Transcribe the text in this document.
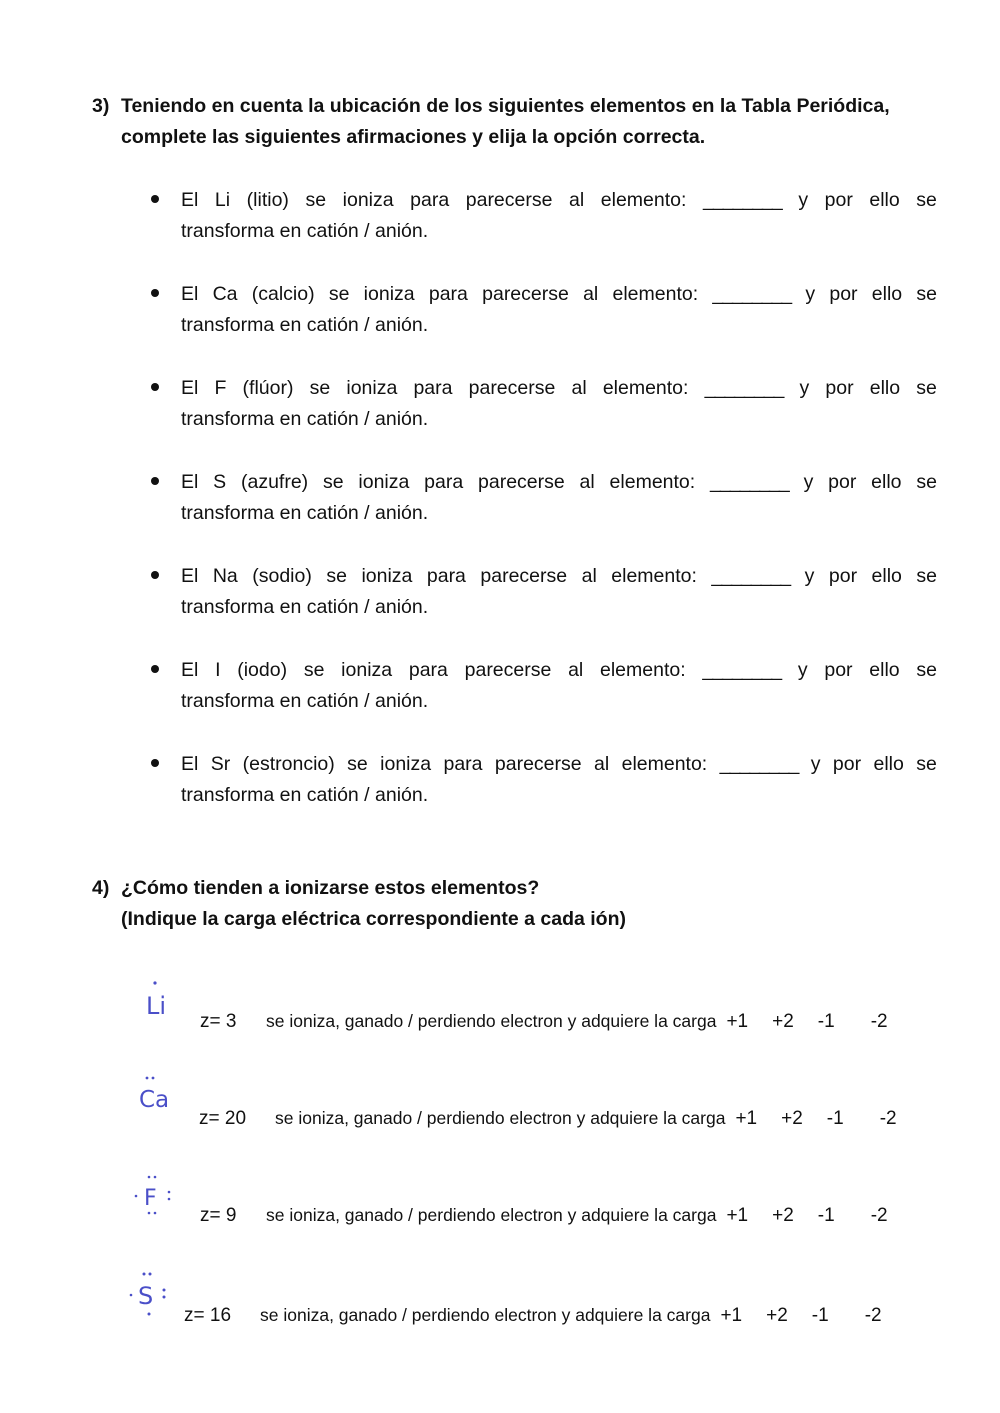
3) Teniendo en cuenta la ubicación de los siguientes elementos en la Tabla Periódica,
complete las siguientes afirmaciones y elija la opción correcta.
El Li (litio) se ioniza para parecerse al elemento: ________ y por ello se
transforma en catión / anión.
El Ca (calcio) se ioniza para parecerse al elemento: ________ y por ello se
transforma en catión / anión.
El F (flúor) se ioniza para parecerse al elemento: ________ y por ello se
transforma en catión / anión.
El S (azufre) se ioniza para parecerse al elemento: ________ y por ello se
transforma en catión / anión.
El Na (sodio) se ioniza para parecerse al elemento: ________ y por ello se
transforma en catión / anión.
El I (iodo) se ioniza para parecerse al elemento: ________ y por ello se
transforma en catión / anión.
El Sr (estroncio) se ioniza para parecerse al elemento: ________ y por ello se
transforma en catión / anión.
4) ¿Cómo tienden a ionizarse estos elementos?
(Indique la carga eléctrica correspondiente a cada ión)
Li
Ca
F
S
z= 3 se ioniza, ganado / perdiendo electron y adquiere la carga +1 +2 -1 -2
z= 20 se ioniza, ganado / perdiendo electron y adquiere la carga +1 +2 -1 -2
z= 9 se ioniza, ganado / perdiendo electron y adquiere la carga +1 +2 -1 -2
z= 16 se ioniza, ganado / perdiendo electron y adquiere la carga +1 +2 -1 -2
